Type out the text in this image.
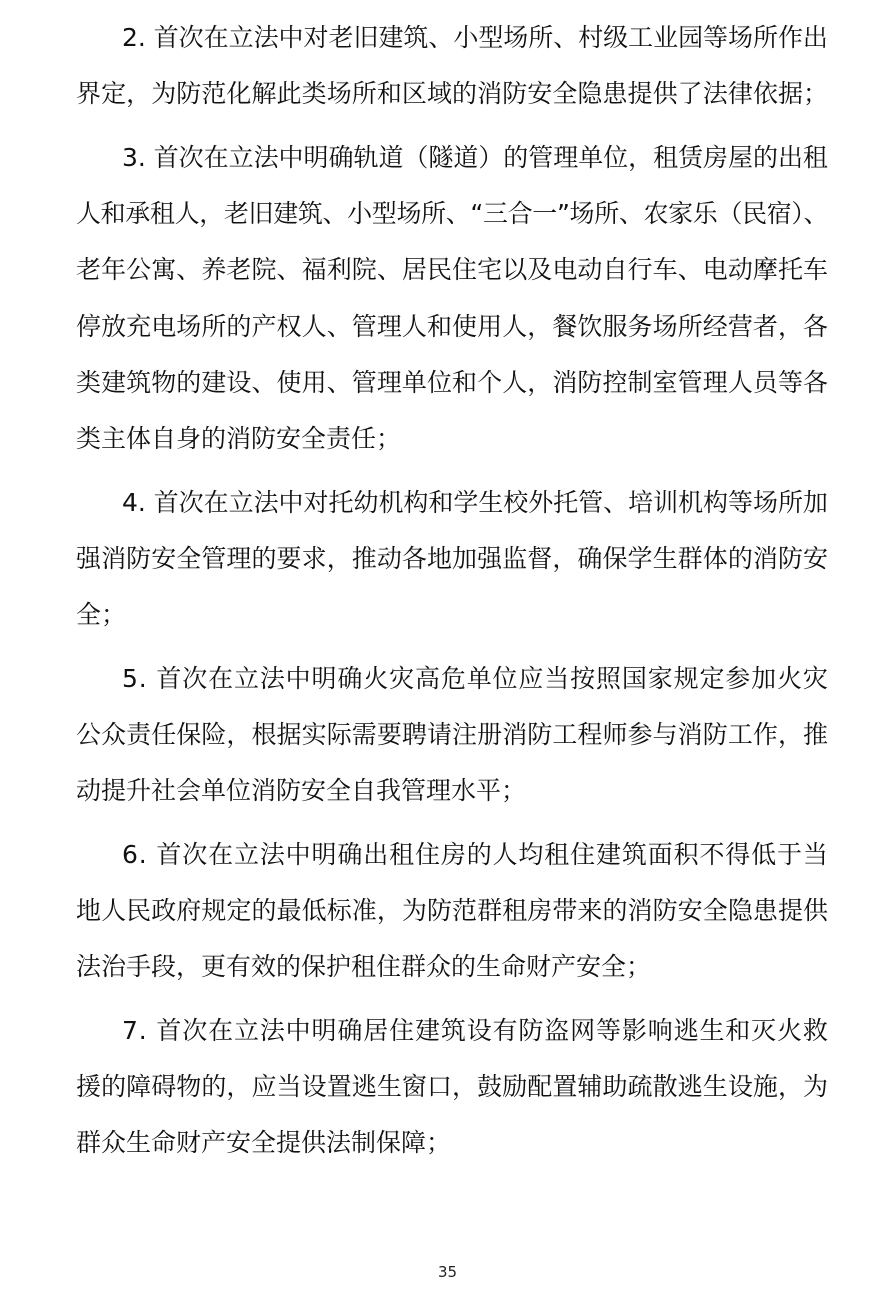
2. 首次在立法中对老旧建筑、小型场所、村级工业园等场所作出
界定，为防范化解此类场所和区域的消防安全隐患提供了法律依据；
3. 首次在立法中明确轨道（隧道）的管理单位，租赁房屋的出租
人和承租人，老旧建筑、小型场所、“三合一”场所、农家乐（民宿）、
老年公寓、养老院、福利院、居民住宅以及电动自行车、电动摩托车
停放充电场所的产权人、管理人和使用人，餐饮服务场所经营者，各
类建筑物的建设、使用、管理单位和个人，消防控制室管理人员等各
类主体自身的消防安全责任；
4. 首次在立法中对托幼机构和学生校外托管、培训机构等场所加
强消防安全管理的要求，推动各地加强监督，确保学生群体的消防安
全；
5. 首次在立法中明确火灾高危单位应当按照国家规定参加火灾
公众责任保险，根据实际需要聘请注册消防工程师参与消防工作，推
动提升社会单位消防安全自我管理水平；
6. 首次在立法中明确出租住房的人均租住建筑面积不得低于当
地人民政府规定的最低标准，为防范群租房带来的消防安全隐患提供
法治手段，更有效的保护租住群众的生命财产安全；
7. 首次在立法中明确居住建筑设有防盗网等影响逃生和灭火救
援的障碍物的，应当设置逃生窗口，鼓励配置辅助疏散逃生设施，为
群众生命财产安全提供法制保障；
35
